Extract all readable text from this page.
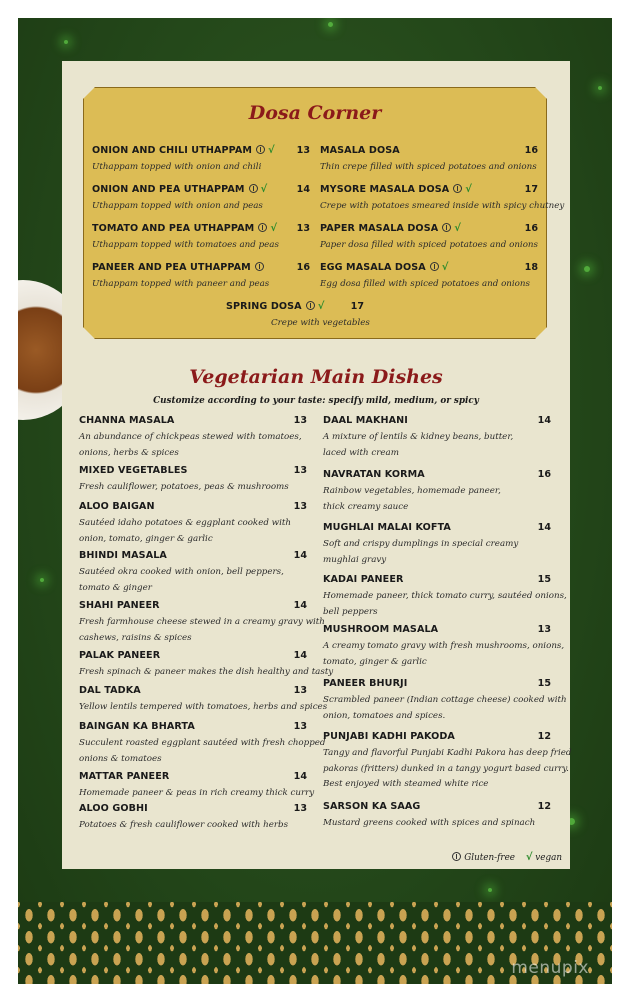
Dosa Corner
ONION AND CHILI UTHAPPAM √	13
Uthappam topped with onion and chili
ONION AND PEA UTHAPPAM √	14
Uthappam topped with onion and peas
TOMATO AND PEA UTHAPPAM √	13
Uthappam topped with tomatoes and peas
PANEER AND PEA UTHAPPAM	16
Uthappam topped with paneer and peas
MASALA DOSA	16
Thin crepe filled with spiced potatoes and onions
MYSORE MASALA DOSA √	17
Crepe with potatoes smeared inside with spicy chutney
PAPER MASALA DOSA √	16
Paper dosa filled with spiced potatoes and onions
EGG MASALA DOSA √	18
Egg dosa filled with spiced potatoes and onions
SPRING DOSA √	17
Crepe with vegetables
Vegetarian Main Dishes
Customize according to your taste: specify mild, medium, or spicy
CHANNA MASALA	13
An abundance of chickpeas stewed with tomatoes,
onions, herbs & spices
MIXED VEGETABLES	13
Fresh cauliflower, potatoes, peas & mushrooms
ALOO BAIGAN	13
Sautéed idaho potatoes & eggplant cooked with
onion, tomato, ginger & garlic
BHINDI MASALA	14
Sautéed okra cooked with onion, bell peppers,
tomato & ginger
SHAHI PANEER	14
Fresh farmhouse cheese stewed in a creamy gravy with
cashews, raisins & spices
PALAK PANEER	14
Fresh spinach & paneer makes the dish healthy and tasty
DAL TADKA	13
Yellow lentils tempered with tomatoes, herbs and spices
BAINGAN KA BHARTA	13
Succulent roasted eggplant sautéed with fresh chopped
onions & tomatoes
MATTAR PANEER	14
Homemade paneer & peas in rich creamy thick curry
ALOO GOBHI	13
Potatoes & fresh cauliflower cooked with herbs
DAAL MAKHANI	14
A mixture of lentils & kidney beans, butter,
laced with cream
NAVRATAN KORMA	16
Rainbow vegetables, homemade paneer,
thick creamy sauce
MUGHLAI MALAI KOFTA	14
Soft and crispy dumplings in special creamy
mughlai gravy
KADAI PANEER	15
Homemade paneer, thick tomato curry, sautéed onions,
bell peppers
MUSHROOM MASALA	13
A creamy tomato gravy with fresh mushrooms, onions,
tomato, ginger & garlic
PANEER BHURJI	15
Scrambled paneer (Indian cottage cheese) cooked with
onion, tomatoes and spices.
PUNJABI KADHI PAKODA	12
Tangy and flavorful Punjabi Kadhi Pakora has deep fried
pakoras (fritters) dunked in a tangy yogurt based curry.
Best enjoyed with steamed white rice
SARSON KA SAAG	12
Mustard greens cooked with spices and spinach
Gluten-free √ vegan
menupix
